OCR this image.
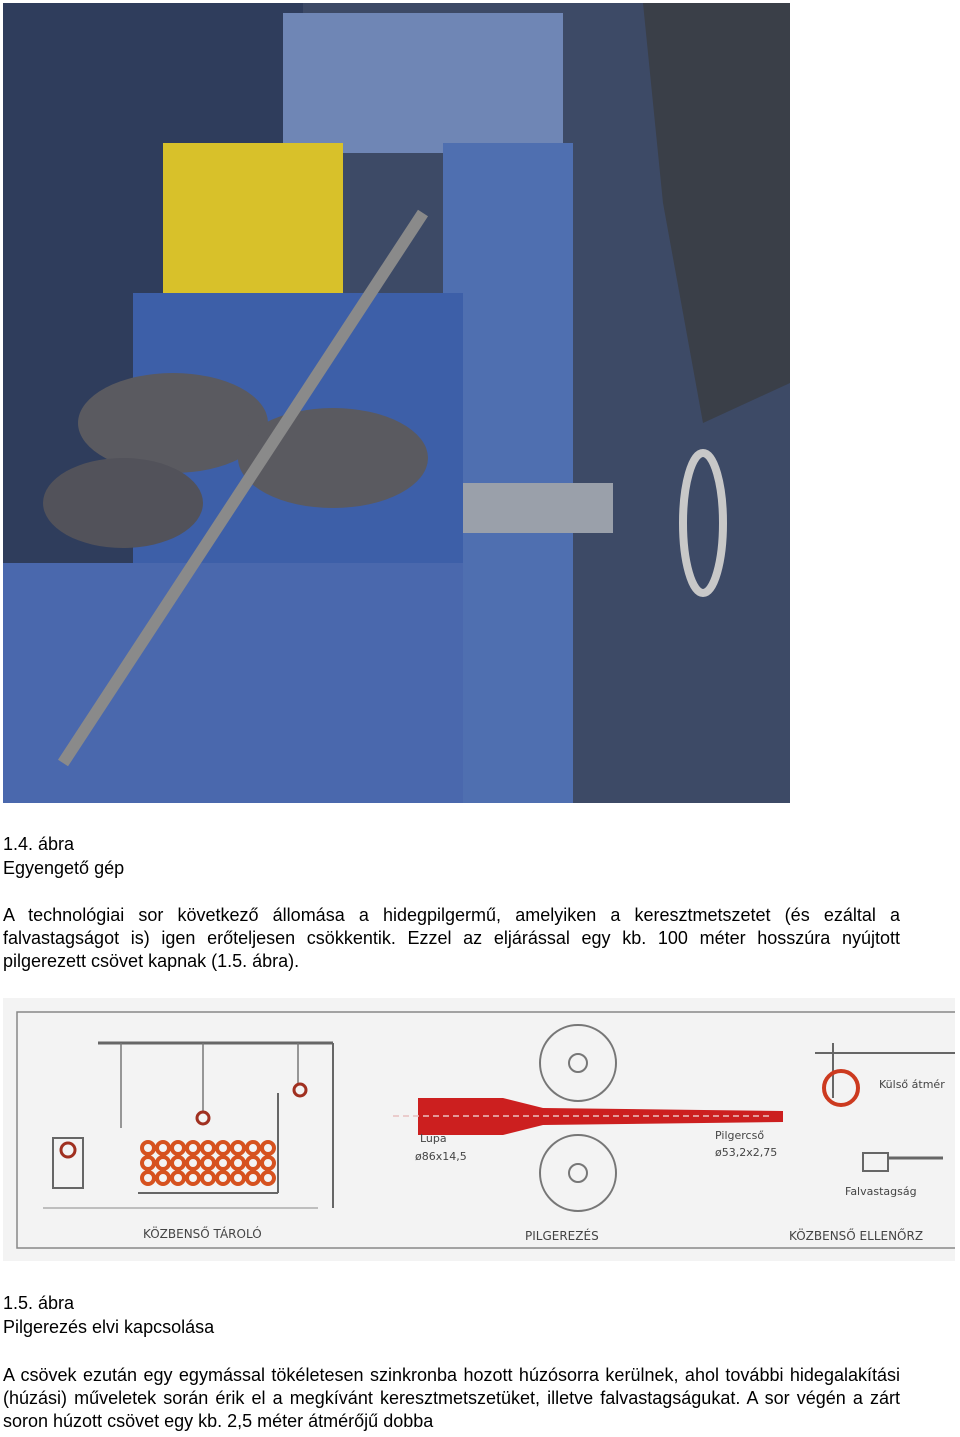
1.4. ábra

Egyengető gép

A technológiai sor következő állomása a hidegpilgermű, amelyiken a keresztmetszetet (és ezáltal a falvastagságot is) igen erőteljesen csökkentik. Ezzel az eljárással egy kb. 100 méter hosszúra nyújtott pilgerezett csövet kapnak (1.5. ábra).

Lupa
ø86x14,5
Pilgercső
ø53,2x2,75
Külső átmér
Falvastagság
KÖZBENSŐ TÁROLÓ	PILGEREZÉS	KÖZBENSŐ ELLENŐRZ

1.5. ábra

Pilgerezés elvi kapcsolása

A csövek ezután egy egymással tökéletesen szinkronba hozott húzósorra kerülnek, ahol további hidegalakítási (húzási) műveletek során érik el a megkívánt keresztmetszetüket, illetve falvastagságukat. A sor végén a zárt soron húzott csövet egy kb. 2,5 méter átmérőjű dobba
